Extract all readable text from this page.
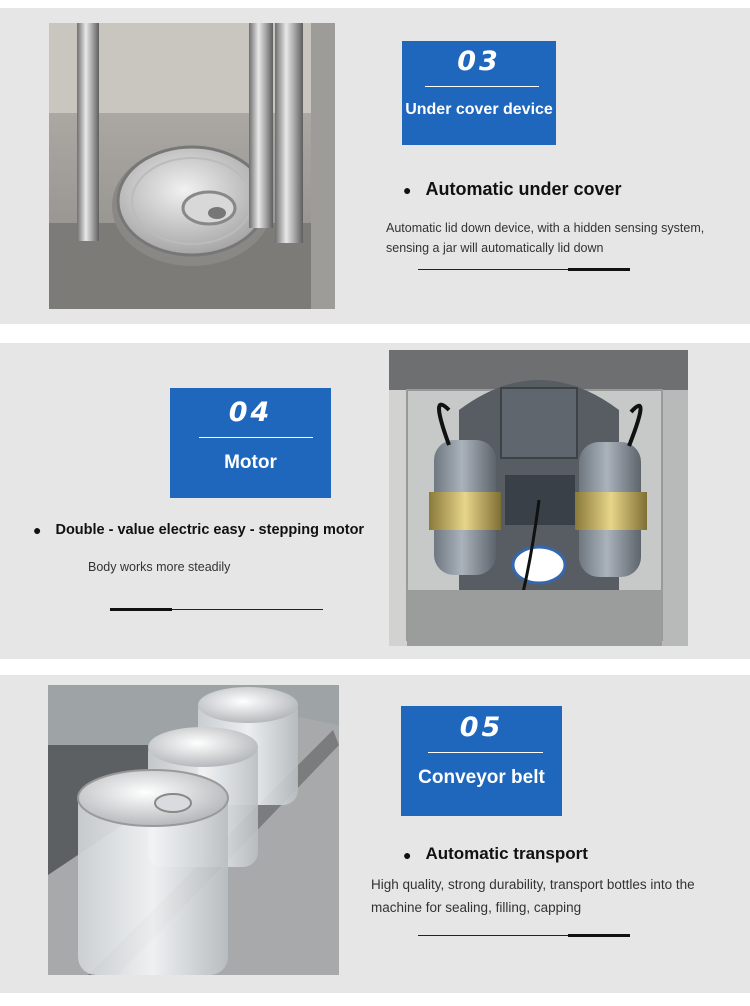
03
Under cover device
● Automatic under cover
Automatic lid down device, with a hidden sensing system, sensing a jar will automatically lid down
04
Motor
● Double - value electric easy - stepping motor
Body works more steadily
05
Conveyor belt
● Automatic transport
High quality, strong durability, transport bottles into the machine for sealing, filling, capping
